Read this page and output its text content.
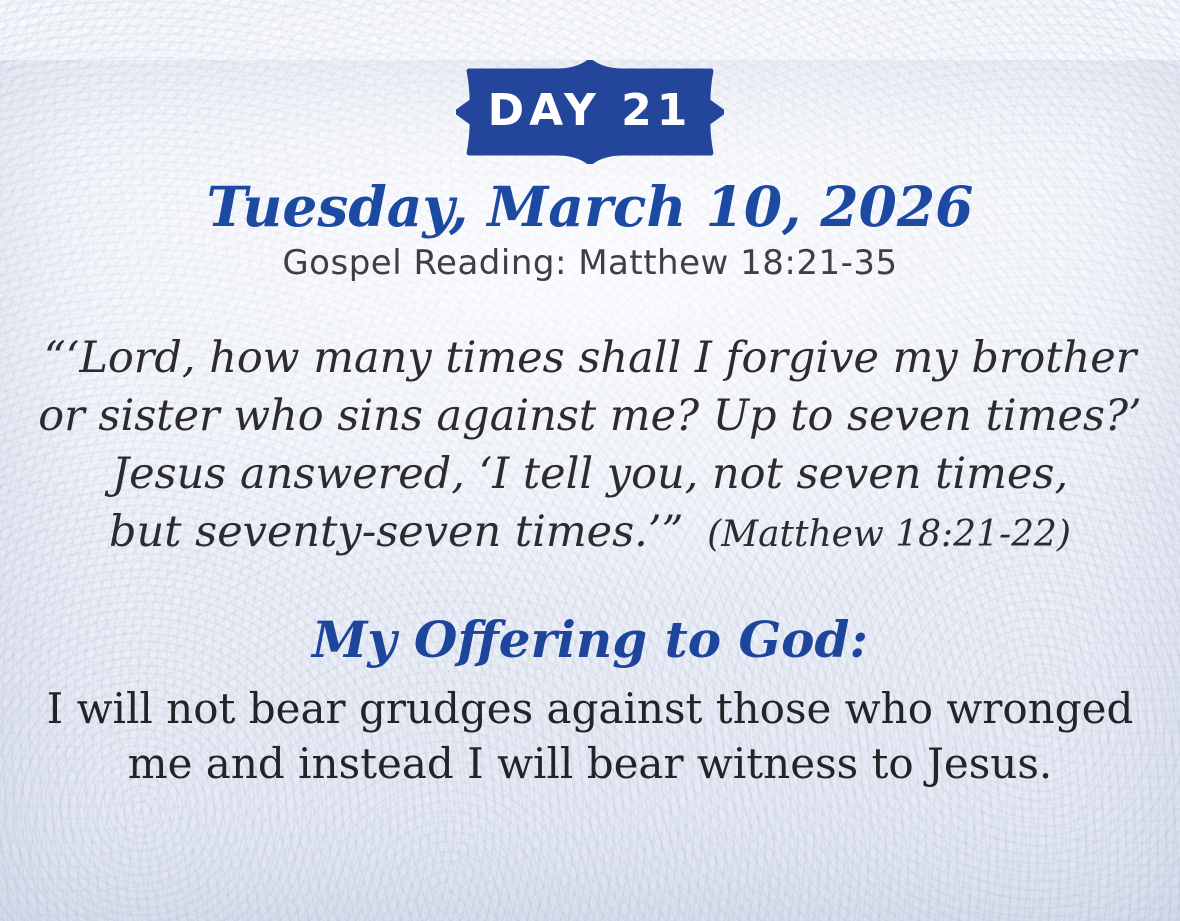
DAY 21
Tuesday, March 10, 2026
Gospel Reading: Matthew 18:21-35
“‘Lord, how many times shall I forgive my brother
or sister who sins against me? Up to seven times?’
Jesus answered, ‘I tell you, not seven times,
but seventy-seven times.’” (Matthew 18:21-22)
My Offering to God:
I will not bear grudges against those who wronged
me and instead I will bear witness to Jesus.
